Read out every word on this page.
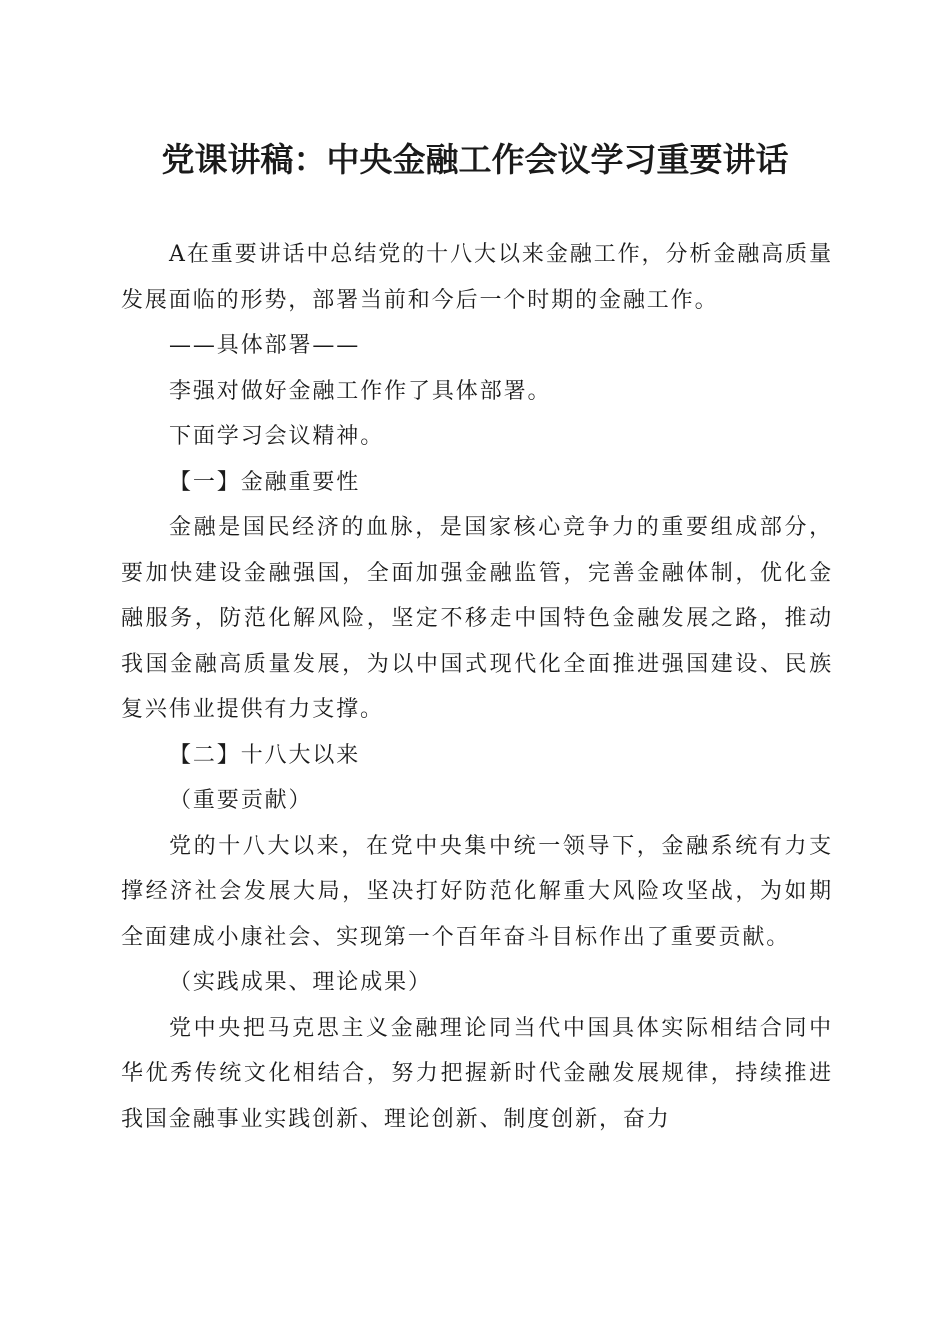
党课讲稿：中央金融工作会议学习重要讲话

A在重要讲话中总结党的十八大以来金融工作，分析金融高质量发展面临的形势，部署当前和今后一个时期的金融工作。

——具体部署——

李强对做好金融工作作了具体部署。

下面学习会议精神。

【一】金融重要性

金融是国民经济的血脉，是国家核心竞争力的重要组成部分，要加快建设金融强国，全面加强金融监管，完善金融体制，优化金融服务，防范化解风险，坚定不移走中国特色金融发展之路，推动我国金融高质量发展，为以中国式现代化全面推进强国建设、民族复兴伟业提供有力支撑。

【二】十八大以来

（重要贡献）

党的十八大以来，在党中央集中统一领导下，金融系统有力支撑经济社会发展大局，坚决打好防范化解重大风险攻坚战，为如期全面建成小康社会、实现第一个百年奋斗目标作出了重要贡献。

（实践成果、理论成果）

党中央把马克思主义金融理论同当代中国具体实际相结合同中华优秀传统文化相结合，努力把握新时代金融发展规律，持续推进我国金融事业实践创新、理论创新、制度创新，奋力
